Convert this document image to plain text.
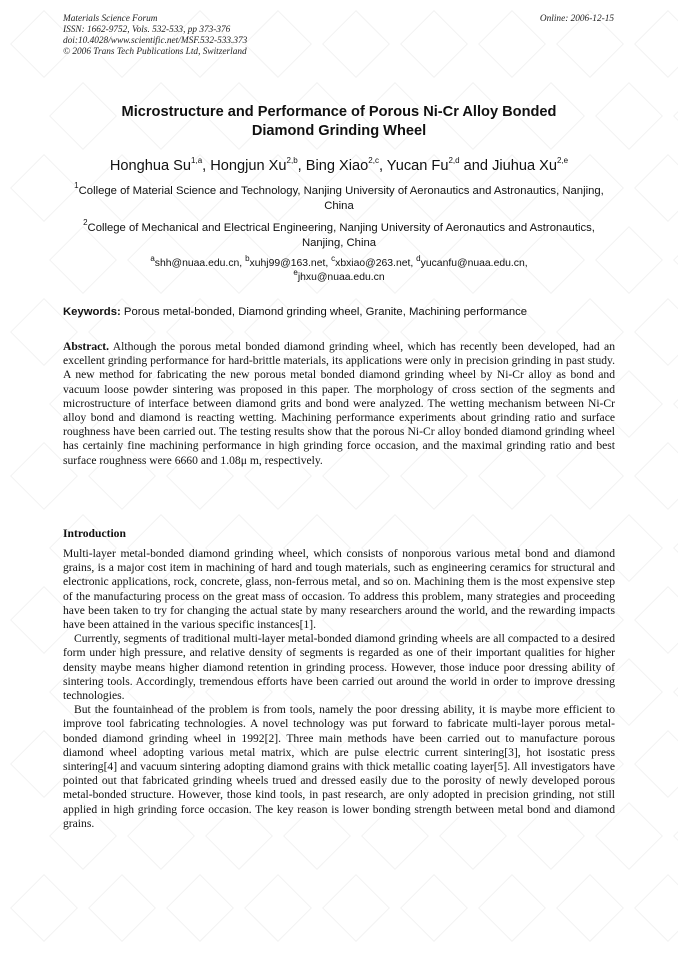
Materials Science Forum
ISSN: 1662-9752, Vols. 532-533, pp 373-376
doi:10.4028/www.scientific.net/MSF.532-533.373
© 2006 Trans Tech Publications Ltd, Switzerland
Online: 2006-12-15
Microstructure and Performance of Porous Ni-Cr Alloy Bonded
Diamond Grinding Wheel
Honghua Su$^{1,a}$, Hongjun Xu$^{2,b}$, Bing Xiao$^{2,c}$, Yucan Fu$^{2,d}$ and Jiuhua Xu$^{2,e}$
$^1$College of Material Science and Technology, Nanjing University of Aeronautics and Astronautics, Nanjing, China
$^2$College of Mechanical and Electrical Engineering, Nanjing University of Aeronautics and Astronautics, Nanjing, China
$^a$shh@nuaa.edu.cn, $^b$xuhj99@163.net, $^c$xbxiao@263.net, $^d$yucanfu@nuaa.edu.cn,
$^e$jhxu@nuaa.edu.cn
Keywords: Porous metal-bonded, Diamond grinding wheel, Granite, Machining performance
Abstract. Although the porous metal bonded diamond grinding wheel, which has recently been developed, had an excellent grinding performance for hard-brittle materials, its applications were only in precision grinding in past study. A new method for fabricating the new porous metal bonded diamond grinding wheel by Ni-Cr alloy as bond and vacuum loose powder sintering was proposed in this paper. The morphology of cross section of the segments and microstructure of interface between diamond grits and bond were analyzed. The wetting mechanism between Ni-Cr alloy bond and diamond is reacting wetting. Machining performance experiments about grinding ratio and surface roughness have been carried out. The testing results show that the porous Ni-Cr alloy bonded diamond grinding wheel has certainly fine machining performance in high grinding force occasion, and the maximal grinding ratio and best surface roughness were 6660 and 1.08μ m, respectively.
Introduction

Multi-layer metal-bonded diamond grinding wheel, which consists of nonporous various metal bond and diamond grains, is a major cost item in machining of hard and tough materials, such as engineering ceramics for structural and electronic applications, rock, concrete, glass, non-ferrous metal, and so on. Machining them is the most expensive step of the manufacturing process on the great mass of occasion. To address this problem, many strategies and proceeding have been taken to try for changing the actual state by many researchers around the world, and the rewarding impacts have been attained in the various specific instances[1].

Currently, segments of traditional multi-layer metal-bonded diamond grinding wheels are all compacted to a desired form under high pressure, and relative density of segments is regarded as one of their important qualities for higher density maybe means higher diamond retention in grinding process. However, those induce poor dressing ability of sintering tools. Accordingly, tremendous efforts have been carried out around the world in order to improve dressing technologies.

But the fountainhead of the problem is from tools, namely the poor dressing ability, it is maybe more efficient to improve tool fabricating technologies. A novel technology was put forward to fabricate multi-layer porous metal-bonded diamond grinding wheel in 1992[2]. Three main methods have been carried out to manufacture porous diamond wheel adopting various metal matrix, which are pulse electric current sintering[3], hot isostatic press sintering[4] and vacuum sintering adopting diamond grains with thick metallic coating layer[5]. All investigators have pointed out that fabricated grinding wheels trued and dressed easily due to the porosity of newly developed porous metal-bonded structure. However, those kind tools, in past research, are only adopted in precision grinding, not still applied in high grinding force occasion. The key reason is lower bonding strength between metal bond and diamond grains.
